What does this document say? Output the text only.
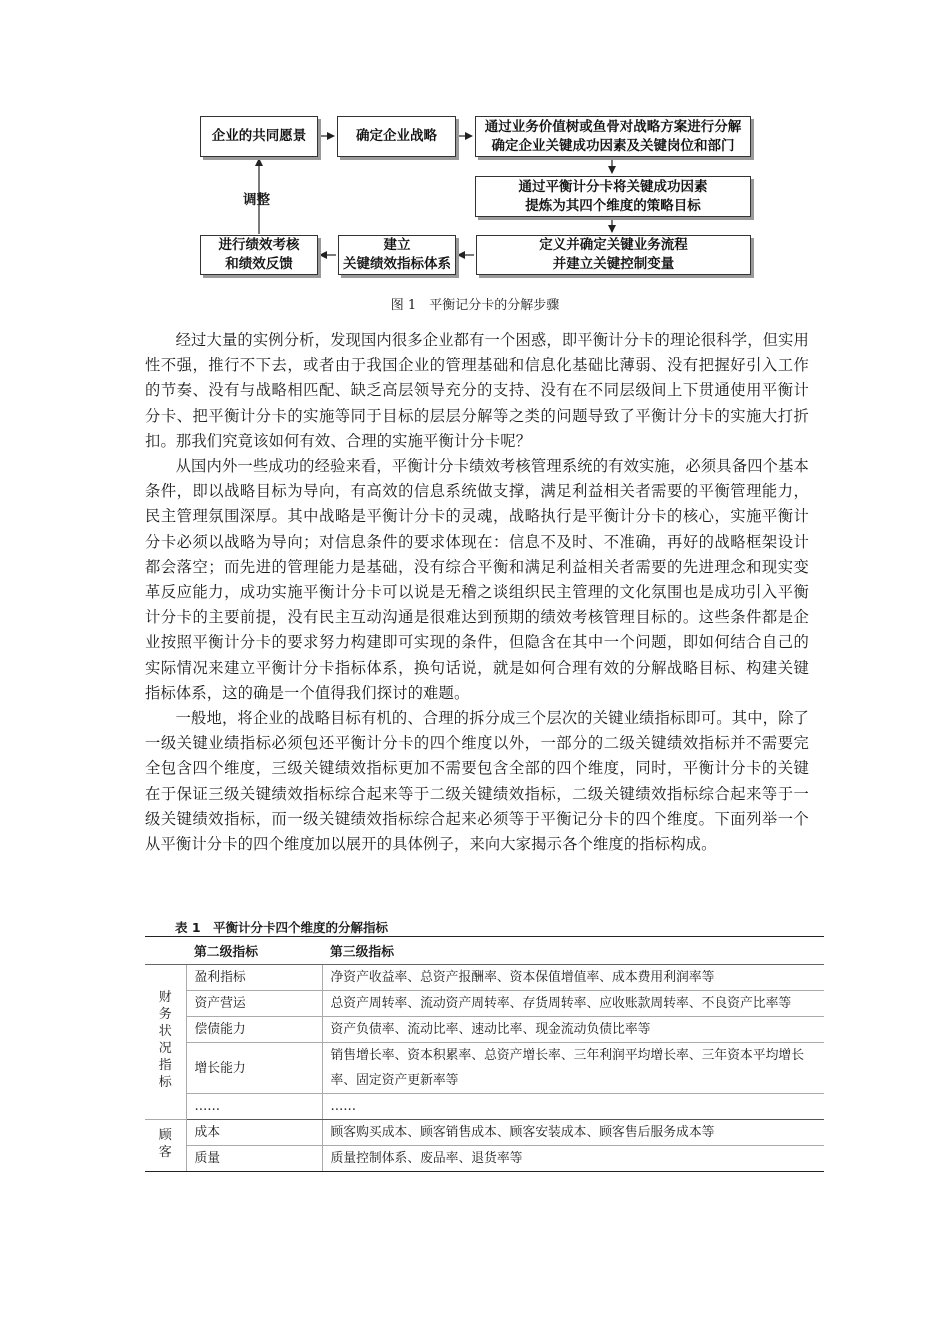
企业的共同愿景	确定企业战略
通过业务价值树或鱼骨对战略方案进行分解
确定企业关键成功因素及关键岗位和部门
通过平衡计分卡将关键成功因素
提炼为其四个维度的策略目标
定义并确定关键业务流程
并建立关键控制变量
建立
关键绩效指标体系
进行绩效考核
和绩效反馈
调整
图 1　平衡记分卡的分解步骤

经过大量的实例分析，发现国内很多企业都有一个困惑，即平衡计分卡的理论很科学，但实用性不强，推行不下去，或者由于我国企业的管理基础和信息化基础比薄弱、没有把握好引入工作的节奏、没有与战略相匹配、缺乏高层领导充分的支持、没有在不同层级间上下贯通使用平衡计分卡、把平衡计分卡的实施等同于目标的层层分解等之类的问题导致了平衡计分卡的实施大打折扣。那我们究竟该如何有效、合理的实施平衡计分卡呢？

从国内外一些成功的经验来看，平衡计分卡绩效考核管理系统的有效实施，必须具备四个基本条件，即以战略目标为导向，有高效的信息系统做支撑，满足利益相关者需要的平衡管理能力，民主管理氛围深厚。其中战略是平衡计分卡的灵魂，战略执行是平衡计分卡的核心，实施平衡计分卡必须以战略为导向；对信息条件的要求体现在：信息不及时、不准确，再好的战略框架设计都会落空；而先进的管理能力是基础，没有综合平衡和满足利益相关者需要的先进理念和现实变革反应能力，成功实施平衡计分卡可以说是无稽之谈组织民主管理的文化氛围也是成功引入平衡计分卡的主要前提，没有民主互动沟通是很难达到预期的绩效考核管理目标的。这些条件都是企业按照平衡计分卡的要求努力构建即可实现的条件，但隐含在其中一个问题，即如何结合自己的实际情况来建立平衡计分卡指标体系，换句话说，就是如何合理有效的分解战略目标、构建关键指标体系，这的确是一个值得我们探讨的难题。

一般地，将企业的战略目标有机的、合理的拆分成三个层次的关键业绩指标即可。其中，除了一级关键业绩指标必须包还平衡计分卡的四个维度以外，一部分的二级关键绩效指标并不需要完全包含四个维度，三级关键绩效指标更加不需要包含全部的四个维度，同时，平衡计分卡的关键在于保证三级关键绩效指标综合起来等于二级关键绩效指标，二级关键绩效指标综合起来等于一级关键绩效指标，而一级关键绩效指标综合起来必须等于平衡记分卡的四个维度。下面列举一个从平衡计分卡的四个维度加以展开的具体例子，来向大家揭示各个维度的指标构成。

表 1　平衡计分卡四个维度的分解指标
	第二级指标	第三级指标
财务状况指标	盈利指标	净资产收益率、总资产报酬率、资本保值增值率、成本费用利润率等
	资产营运	总资产周转率、流动资产周转率、存货周转率、应收账款周转率、不良资产比率等
	偿债能力	资产负债率、流动比率、速动比率、现金流动负债比率等
	增长能力	销售增长率、资本积累率、总资产增长率、三年利润平均增长率、三年资本平均增长率、固定资产更新率等
	……	……
顾客	成本	顾客购买成本、顾客销售成本、顾客安装成本、顾客售后服务成本等
	质量	质量控制体系、废品率、退货率等
